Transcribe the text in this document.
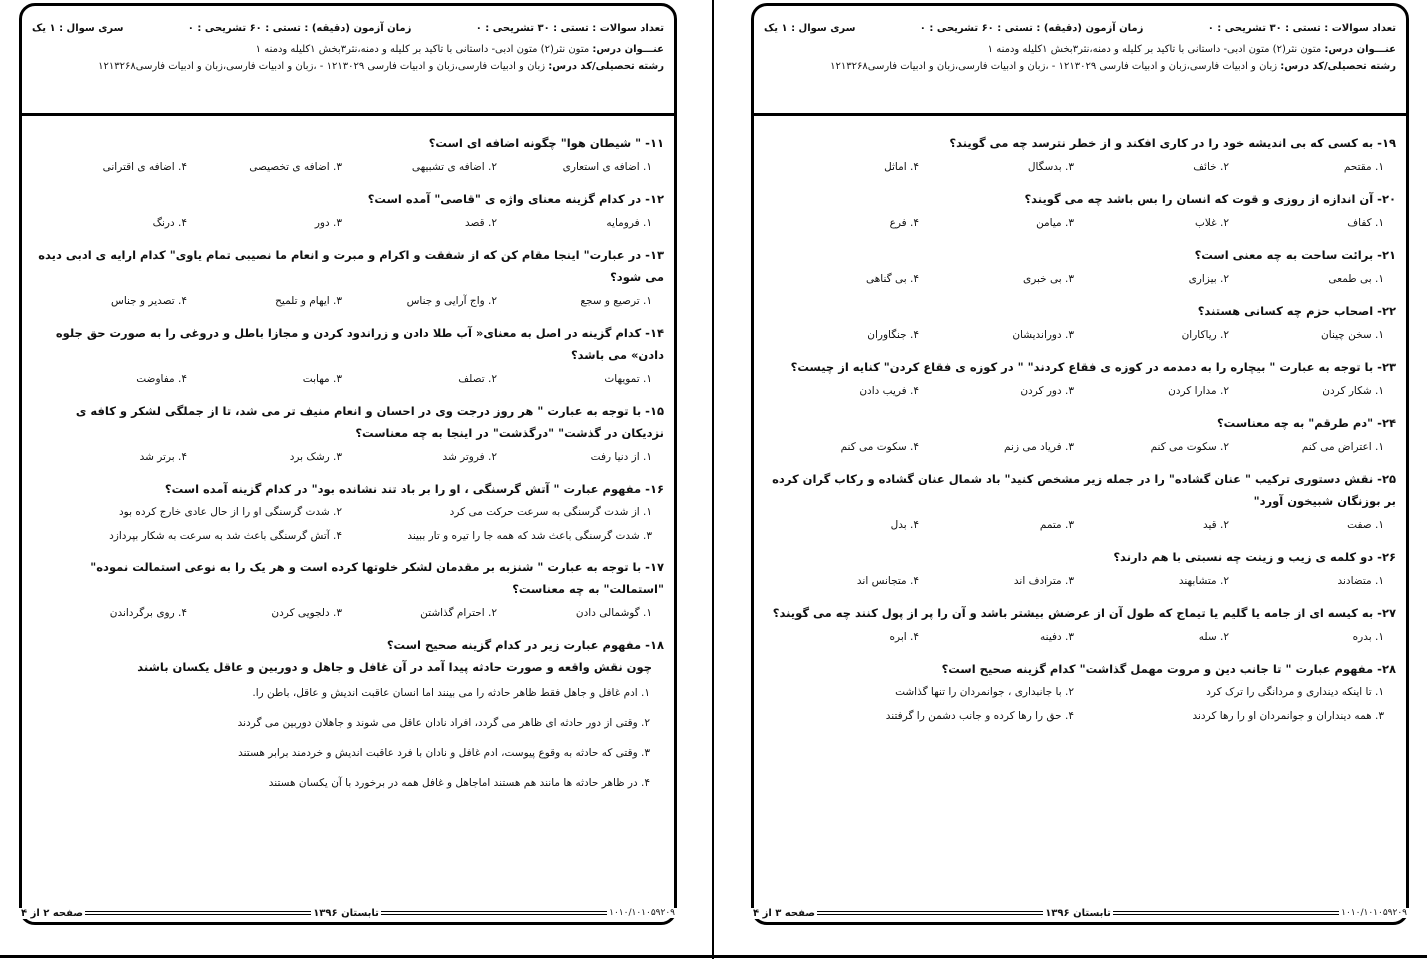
تعداد سوالات : تستی : ۳۰ تشریحی : ۰
زمان آزمون (دقیقه) : تستی : ۶۰ تشریحی : ۰
سری سوال : ۱ یک
عنـــوان درس: متون نثر(۲) متون ادبی- داستانی با تاکید بر کلیله و دمنه،نثر۳بخش ۱کلیله ودمنه ۱
رشته تحصیلی/کد درس: زبان و ادبیات فارسی،زبان و ادبیات فارسی ۱۲۱۳۰۲۹ - ،زبان و ادبیات فارسی،زبان و ادبیات فارسی۱۲۱۳۲۶۸
۱۱-" شیطان هوا" چگونه اضافه ای است؟
۱. اضافه ی استعاری
۲. اضافه ی تشبیهی
۳. اضافه ی تخصیصی
۴. اضافه ی اقترانی
۱۲-در کدام گزینه معنای واژه ی "قاصی" آمده است؟
۱. فرومایه
۲. قصد
۳. دور
۴. درنگ
۱۳-در عبارت" اینجا مقام کن که از شفقت و اکرام و مبرت و انعام ما نصیبی تمام یاوی" کدام ارایه ی ادبی دیده می شود؟
۱. ترصیع و سجع
۲. واج آرایی و جناس
۳. ایهام و تلمیح
۴. تصدیر و جناس
۱۴-کدام گزینه در اصل به معنای« آب طلا دادن و زراندود کردن و مجازا باطل و دروغی را به صورت حق جلوه دادن» می باشد؟
۱. تمویهات
۲. تصلف
۳. مهابت
۴. مفاوضت
۱۵-با توجه به عبارت " هر روز درجت وی در احسان و انعام منیف تر می شد، تا از جملگی لشکر و کافه ی نزدیکان در گذشت" "درگذشت" در اینجا به چه معناست؟
۱. از دنیا رفت
۲. فروتر شد
۳. رشک برد
۴. برتر شد
۱۶-مفهوم عبارت " آتش گرسنگی ، او را بر باد تند نشانده بود" در کدام گزینه آمده است؟
۱. از شدت گرسنگی به سرعت حرکت می کرد
۲. شدت گرسنگی او را از حال عادی خارج کرده بود
۳. شدت گرسنگی باعث شد که همه جا را تیره و تار ببیند
۴. آتش گرسنگی باعث شد به سرعت به شکار بپردازد
۱۷-با توجه به عبارت " شنزبه بر مقدمان لشکر خلوتها کرده است و هر یک را به نوعی استمالت نموده" "استمالت" به چه معناست؟
۱. گوشمالی دادن
۲. احترام گذاشتن
۳. دلجویی کردن
۴. روی برگرداندن
۱۸-مفهوم عبارت زیر در کدام گزینه صحیح است؟
چون نقش واقعه و صورت حادثه پیدا آمد در آن غافل و جاهل و دوربین و عاقل یکسان باشند
۱. ادم غافل و جاهل فقط ظاهر حادثه را می بینند اما انسان عاقبت اندیش و عاقل، باطن را.
۲. وقتی از دور حادثه ای ظاهر می گردد، افراد نادان عاقل می شوند و جاهلان دوربین می گردند
۳. وقتی که حادثه به وقوع پیوست، ادم غافل و نادان با فرد عاقبت اندیش و خردمند برابر هستند
۴. در ظاهر حادثه ها مانند هم هستند اماجاهل و غافل همه در برخورد با آن یکسان هستند
۱۰۱۰/۱۰۱۰۵۹۲۰۹
تابستان ۱۳۹۶
صفحه ۲ از ۴
تعداد سوالات : تستی : ۳۰ تشریحی : ۰
زمان آزمون (دقیقه) : تستی : ۶۰ تشریحی : ۰
سری سوال : ۱ یک
عنـــوان درس: متون نثر(۲) متون ادبی- داستانی با تاکید بر کلیله و دمنه،نثر۳بخش ۱کلیله ودمنه ۱
رشته تحصیلی/کد درس: زبان و ادبیات فارسی،زبان و ادبیات فارسی ۱۲۱۳۰۲۹ - ،زبان و ادبیات فارسی،زبان و ادبیات فارسی۱۲۱۳۲۶۸
۱۹-به کسی که بی اندیشه خود را در کاری افکند و از خطر نترسد چه می گویند؟
۱. مقتحم
۲. خائف
۳. بدسگال
۴. اماثل
۲۰-آن اندازه از روزی و قوت که انسان را بس باشد چه می گویند؟
۱. کفاف
۲. غلاب
۳. میامن
۴. فرع
۲۱-برائت ساحت به چه معنی است؟
۱. بی طمعی
۲. بیزاری
۳. بی خبری
۴. بی گناهی
۲۲-اصحاب حزم چه کسانی هستند؟
۱. سخن چینان
۲. ریاکاران
۳. دوراندیشان
۴. جنگاوران
۲۳-با توجه به عبارت " بیچاره را به دمدمه در کوزه ی فقاع کردند" " در کوزه ی فقاع کردن" کنایه از چیست؟
۱. شکار کردن
۲. مدارا کردن
۳. دور کردن
۴. فریب دادن
۲۴-"دم طرقم" به چه معناست؟
۱. اعتراض می کنم
۲. سکوت می کنم
۳. فریاد می زنم
۴. سکوت می کنم
۲۵-نقش دستوری ترکیب " عنان گشاده" را در جمله زیر مشخص کنید" باد شمال عنان گشاده و رکاب گران کرده بر بوزنگان شبیخون آورد"
۱. صفت
۲. قید
۳. متمم
۴. بدل
۲۶-دو کلمه ی زیب و زینت چه نسبتی با هم دارند؟
۱. متضادند
۲. متشابهند
۳. مترادف اند
۴. متجانس اند
۲۷-به کیسه ای از جامه یا گلیم یا تیماج که طول آن از عرضش بیشتر باشد و آن را پر از پول کنند چه می گویند؟
۱. بدره
۲. سله
۳. دفینه
۴. ابره
۲۸-مفهوم عبارت " تا جانب دین و مروت مهمل گذاشت" کدام گزینه صحیح است؟
۱. تا اینکه دینداری و مردانگی را ترک کرد
۲. با جانبداری ، جوانمردان را تنها گذاشت
۳. همه دینداران و جوانمردان او را رها کردند
۴. حق را رها کرده و جانب دشمن را گرفتند
۱۰۱۰/۱۰۱۰۵۹۲۰۹
تابستان ۱۳۹۶
صفحه ۳ از ۴
